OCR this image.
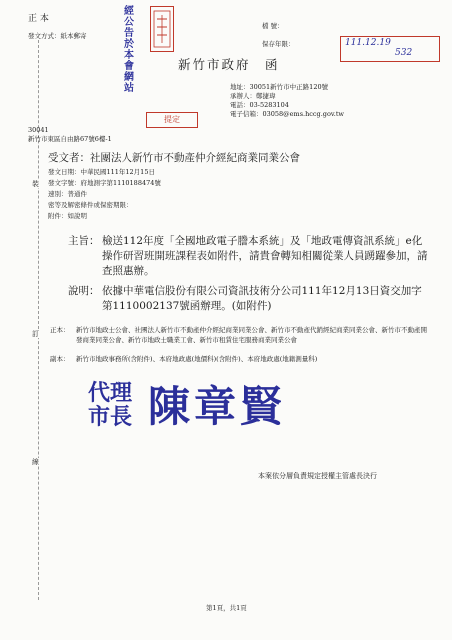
裝
訂
線
正 本
發文方式：紙本郵寄
檔 號：
保存年限：
新竹市政府 函
經
公
告
於
本
會
網
站
111.12.19
532
提定
地址：30051新竹市中正路120號
承辦人：鄭捷瑋
電話：03-5283104
電子信箱：03058@ems.hccg.gov.tw
30041
新竹市東區自由路67號6樓-1
受文者：社團法人新竹市不動產仲介經紀商業同業公會
發文日期：中華民國111年12月15日
發文字號：府地測字第1110188474號
速別：普通件
密等及解密條件或保密期限：
附件：如說明
主旨： 檢送112年度「全國地政電子謄本系統」及「地政電傳資訊系統」e化操作研習班開班課程表如附件，請貴會轉知相關從業人員踴躍參加，請查照惠辦。
說明： 依據中華電信股份有限公司資訊技術分公司111年12月13日資交加字第1110002137號函辦理。(如附件)
正本： 新竹市地政士公會、社團法人新竹市不動產仲介經紀商業同業公會、新竹市不動產代銷經紀商業同業公會、新竹市不動產開發商業同業公會、新竹市地政士職業工會、新竹市租賃住宅服務商業同業公會
副本： 新竹市地政事務所(含附件)、本府地政處(地價科)(含附件)、本府地政處(地籍測量科)
代理
市長 陳章賢
本案依分層負責規定授權主管處長決行
第1頁，共1頁
